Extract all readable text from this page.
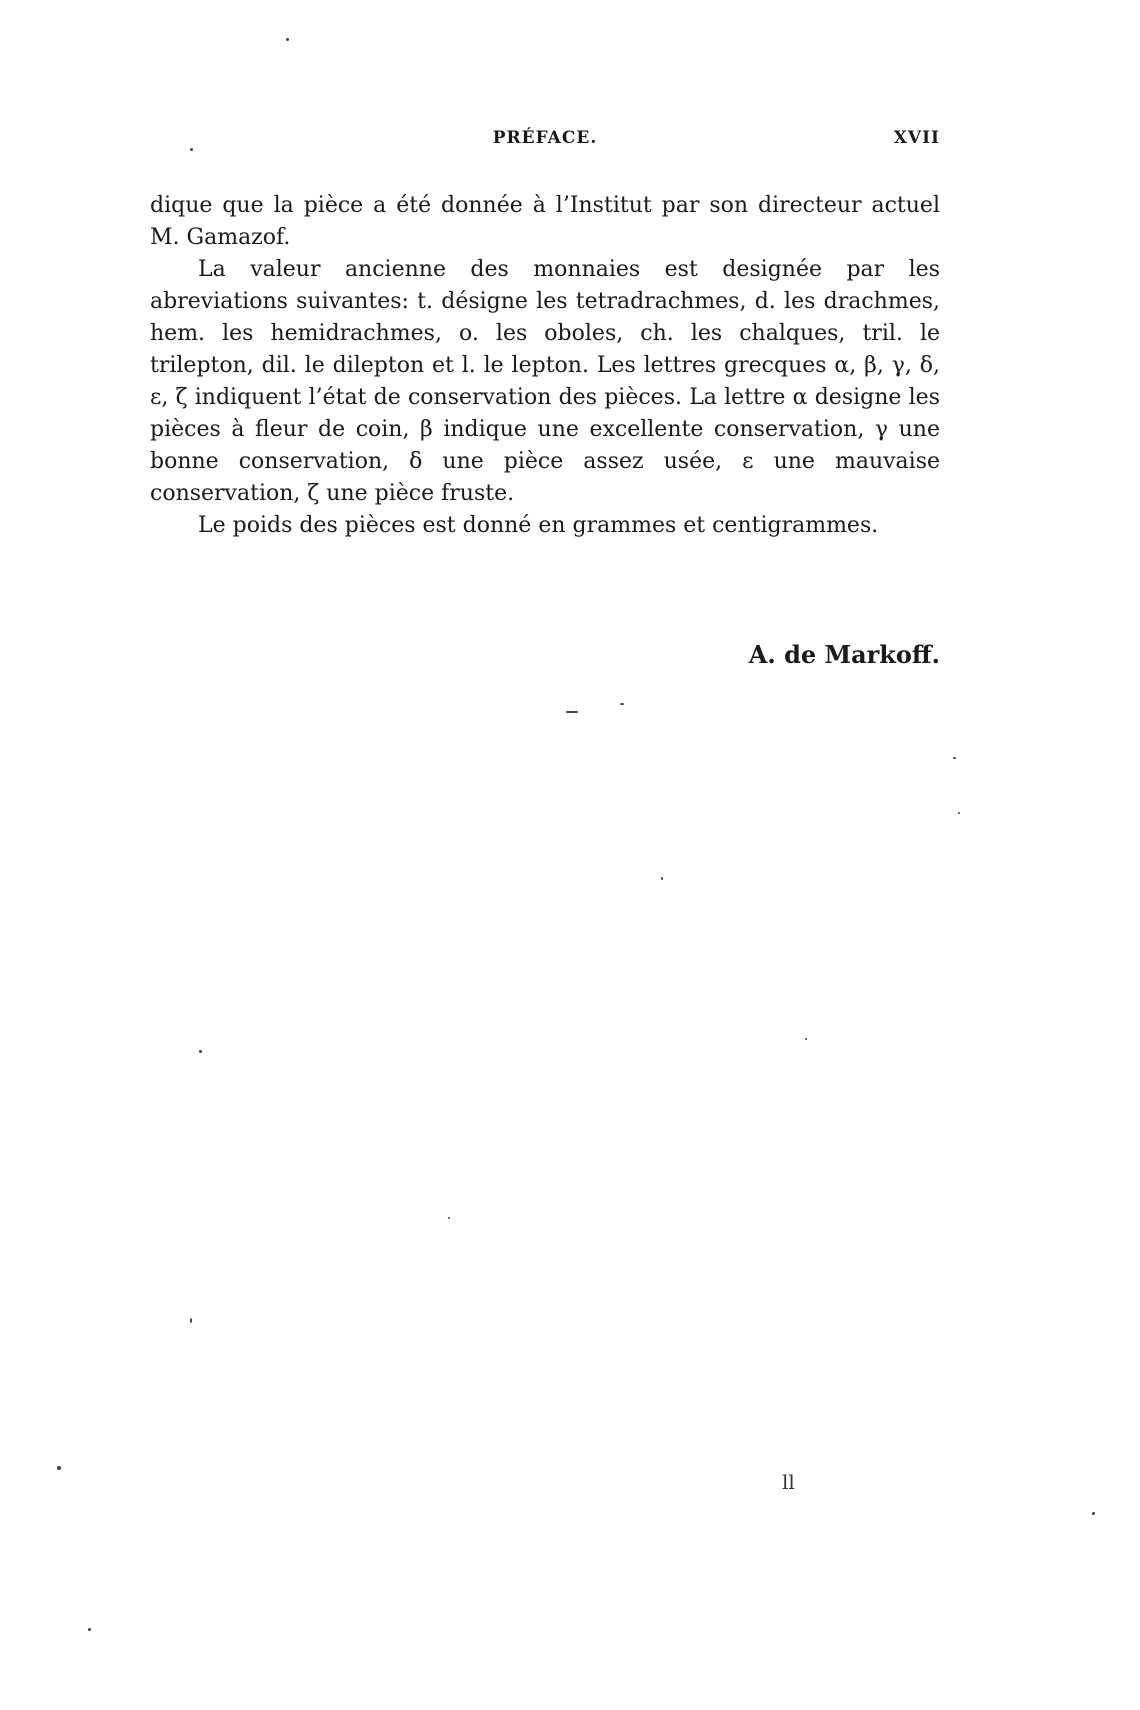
PRÉFACE.	XVII

dique que la pièce a été donnée à l’Institut par son directeur actuel M. Gamazof.

La valeur ancienne des monnaies est designée par les abreviations suivantes: t. désigne les tetradrachmes, d. les drachmes, hem. les hemidrachmes, o. les oboles, ch. les chalques, tril. le trilepton, dil. le dilepton et l. le lepton. Les lettres grecques α, β, γ, δ, ε, ζ indiquent l’état de conservation des pièces. La lettre α designe les pièces à fleur de coin, β indique une excellente conservation, γ une bonne conservation, δ une pièce assez usée, ε une mauvaise conservation, ζ une pièce fruste.

Le poids des pièces est donné en grammes et centigrammes.

A. de Markoff.
ll
